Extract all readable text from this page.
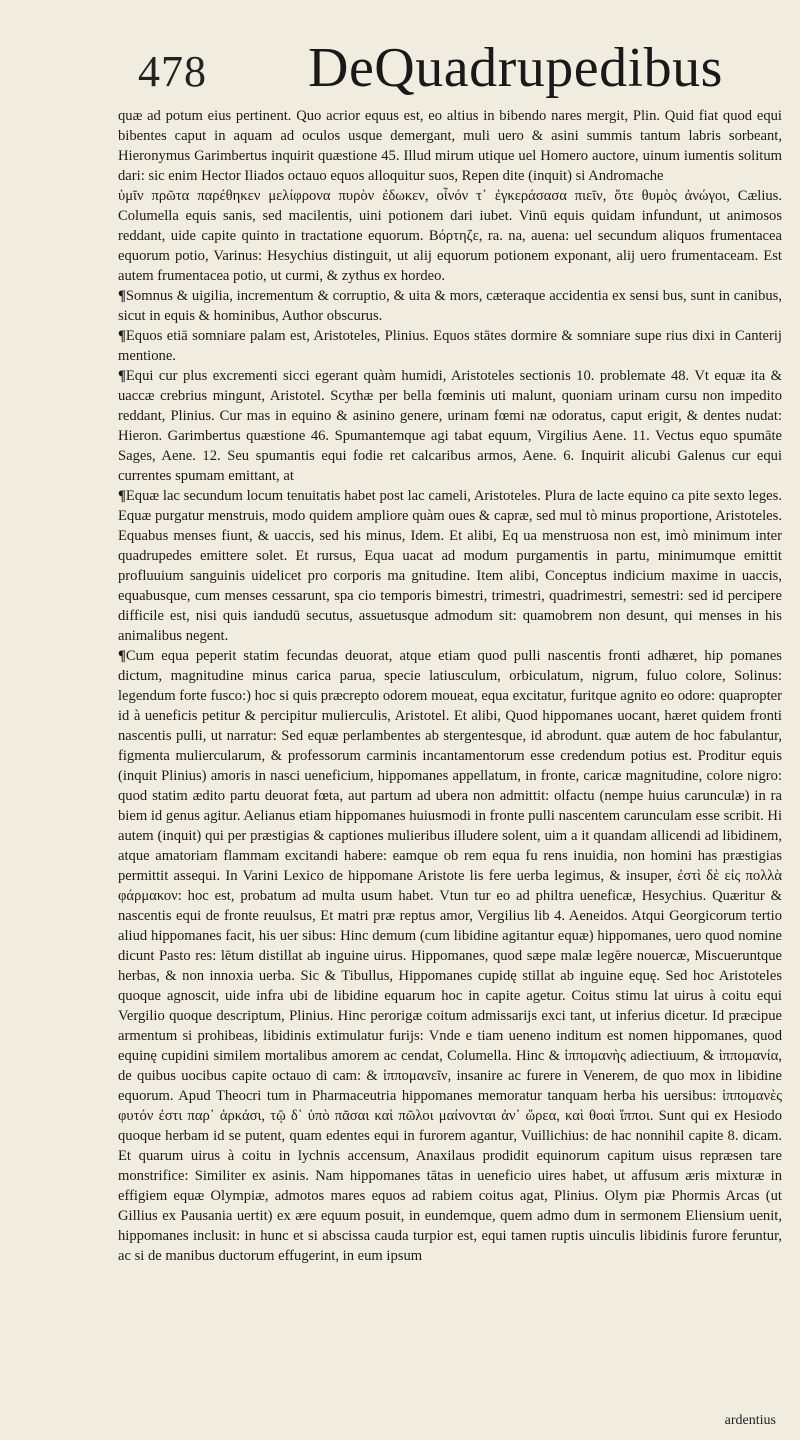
478 DeQuadrupedibus

quæ ad potum eius pertinent. Quo acrior equus est, eo altius in bibendo nares mergit, Plin. Quid fiat quod equi bibentes caput in aquam ad oculos usque demergant, muli uero & asini summis tantum labris sorbeant, Hieronymus Garimbertus inquirit quæstione 45. Illud mirum utique uel Homero auctore, uinum iumentis solitum dari: sic enim Hector Iliados octauo equos alloquitur suos, Repen dite (inquit) si Andromache

ὑμῖν πρῶτα παρέθηκεν μελίφρονα πυρὸν ἐδωκεν, οἶνόν τ᾽ ἐγκεράσασα πιεῖν, ὅτε θυμὸς ἀνώγοι, Cælius. Columella equis sanis, sed macilentis, uini potionem dari iubet. Vinū equis quidam infundunt, ut animosos reddant, uide capite quinto in tractatione equorum. Βόρτηζε, ra. na, auena: uel secundum aliquos frumentacea equorum potio, Varinus: Hesychius distinguit, ut alij equorum potionem exponant, alij uero frumentaceam. Est autem frumentacea potio, ut curmi, & zythus ex hordeo.

¶ Somnus & uigilia, incrementum & corruptio, & uita & mors, cæteraque accidentia ex sensi bus, sunt in canibus, sicut in equis & hominibus, Author obscurus.

¶ Equos etiā somniare palam est, Aristoteles, Plinius. Equos stātes dormire & somniare supe rius dixi in Canterij mentione.

¶ Equi cur plus excrementi sicci egerant quàm humidi, Aristoteles sectionis 10. problemate 48. Vt equæ ita & uaccæ crebrius mingunt, Aristotel. Scythæ per bella fœminis uti malunt, quoniam urinam cursu non impedito reddant, Plinius. Cur mas in equino & asinino genere, urinam fœmi næ odoratus, caput erigit, & dentes nudat: Hieron. Garimbertus quæstione 46. Spumantemque agi tabat equum, Virgilius Aene. 11. Vectus equo spumāte Sages, Aene. 12. Seu spumantis equi fodie ret calcaribus armos, Aene. 6. Inquirit alicubi Galenus cur equi currentes spumam emittant, at

¶ Equæ lac secundum locum tenuitatis habet post lac cameli, Aristoteles. Plura de lacte equino ca pite sexto leges. Equæ purgatur menstruis, modo quidem ampliore quàm oues & capræ, sed mul tò minus proportione, Aristoteles. Equabus menses fiunt, & uaccis, sed his minus, Idem. Et alibi, Eq ua menstruosa non est, imò minimum inter quadrupedes emittere solet. Et rursus, Equa uacat ad modum purgamentis in partu, minimumque emittit profluuium sanguinis uidelicet pro corporis ma gnitudine. Item alibi, Conceptus indicium maxime in uaccis, equabusque, cum menses cessarunt, spa cio temporis bimestri, trimestri, quadrimestri, semestri: sed id percipere difficile est, nisi quis iandudū secutus, assuetusque admodum sit: quamobrem non desunt, qui menses in his animalibus negent.

¶ Cum equa peperit statim fecundas deuorat, atque etiam quod pulli nascentis fronti adhæret, hip pomanes dictum, magnitudine minus carica parua, specie latiusculum, orbiculatum, nigrum, fuluo colore, Solinus: legendum forte fusco:) hoc si quis præcrepto odorem moueat, equa excitatur, furitque agnito eo odore: quapropter id à ueneficis petitur & percipitur mulierculis, Aristotel. Et alibi, Quod hippomanes uocant, hæret quidem fronti nascentis pulli, ut narratur: Sed equæ perlambentes ab stergentesque, id abrodunt. quæ autem de hoc fabulantur, figmenta muliercularum, & professorum carminis incantamentorum esse credendum potius est. Proditur equis (inquit Plinius) amoris in nasci ueneficium, hippomanes appellatum, in fronte, caricæ magnitudine, colore nigro: quod statim ædito partu deuorat fœta, aut partum ad ubera non admittit: olfactu (nempe huius carunculæ) in ra biem id genus agitur. Aelianus etiam hippomanes huiusmodi in fronte pulli nascentem carunculam esse scribit. Hi autem (inquit) qui per præstigias & captiones mulieribus illudere solent, uim a it quandam allicendi ad libidinem, atque amatoriam flammam excitandi habere: eamque ob rem equa fu rens inuidia, non homini has præstigias permittit assequi. In Varini Lexico de hippomane Aristote lis fere uerba legimus, & insuper, ἐστὶ δὲ εἰς πολλὰ φάρμακον: hoc est, probatum ad multa usum habet. Vtun tur eo ad philtra ueneficæ, Hesychius. Quæritur & nascentis equi de fronte reuulsus, Et matri præ reptus amor, Vergilius lib 4. Aeneidos. Atqui Georgicorum tertio aliud hippomanes facit, his uer sibus: Hinc demum (cum libidine agitantur equæ) hippomanes, uero quod nomine dicunt Pasto res: lētum distillat ab inguine uirus. Hippomanes, quod sæpe malæ legēre nouercæ, Miscueruntque herbas, & non innoxia uerba. Sic & Tibullus, Hippomanes cupidę stillat ab inguine equę. Sed hoc Aristoteles quoque agnoscit, uide infra ubi de libidine equarum hoc in capite agetur. Coitus stimu lat uirus à coitu equi Vergilio quoque descriptum, Plinius. Hinc perorigæ coitum admissarijs exci tant, ut inferius dicetur. Id præcipue armentum si prohibeas, libidinis extimulatur furijs: Vnde e tiam ueneno inditum est nomen hippomanes, quod equinę cupidini similem mortalibus amorem ac cendat, Columella. Hinc & ἱππομανὴς adiectiuum, & ἱππομανία, de quibus uocibus capite octauo di cam: & ἱππομανεῖν, insanire ac furere in Venerem, de quo mox in libidine equorum. Apud Theocri tum in Pharmaceutria hippomanes memoratur tanquam herba his uersibus: ἱππομανὲς φυτόν ἐστι παρ᾽ ἀρκάσι, τῷ δ᾽ ὑπὸ πᾶσαι καὶ πῶλοι μαίνονται ἀν᾽ ὤρεα, καὶ θοαὶ ἵπποι. Sunt qui ex Hesiodo quoque herbam id se putent, quam edentes equi in furorem agantur, Vuillichius: de hac nonnihil capite 8. dicam. Et quarum uirus à coitu in lychnis accensum, Anaxilaus prodidit equinorum capitum uisus repræsen tare monstrifice: Similiter ex asinis. Nam hippomanes tātas in ueneficio uires habet, ut affusum æris mixturæ in effigiem equæ Olympiæ, admotos mares equos ad rabiem coitus agat, Plinius. Olym piæ Phormis Arcas (ut Gillius ex Pausania uertit) ex ære equum posuit, in eundemque, quem admo dum in sermonem Eliensium uenit, hippomanes inclusit: in hunc et si abscissa cauda turpior est, equi tamen ruptis uinculis libidinis furore feruntur, ac si de manibus ductorum effugerint, in eum ipsum

ardentius
